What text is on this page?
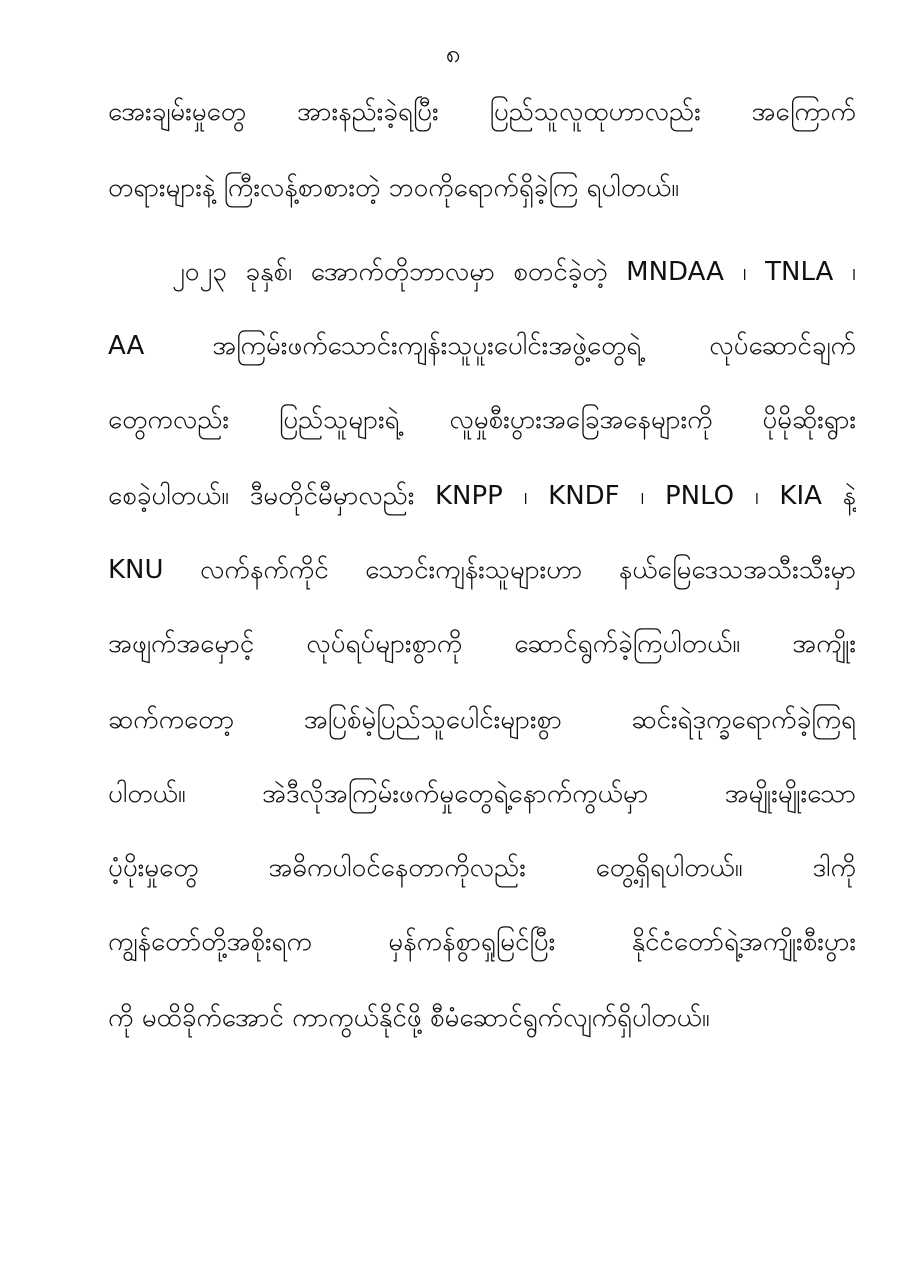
၈
အေးချမ်းမှုတွေ အားနည်းခဲ့ရပြီး ပြည်သူလူထုဟာလည်း အကြောက်
တရားများနဲ့ ကြီးလန့်စာစားတဲ့ ဘဝကိုရောက်ရှိခဲ့ကြ ရပါတယ်။
၂၀၂၃ ခုနှစ်၊ အောက်တိုဘာလမှာ စတင်ခဲ့တဲ့ MNDAA ၊ TNLA ၊
AA အကြမ်းဖက်သောင်းကျန်းသူပူးပေါင်းအဖွဲ့တွေရဲ့ လုပ်ဆောင်ချက်
တွေကလည်း ပြည်သူများရဲ့ လူမှုစီးပွားအခြေအနေများကို ပိုမိုဆိုးရွား
စေခဲ့ပါတယ်။ ဒီမတိုင်မီမှာလည်း KNPP ၊ KNDF ၊ PNLO ၊ KIA နဲ့
KNU လက်နက်ကိုင် သောင်းကျန်းသူများဟာ နယ်မြေဒေသအသီးသီးမှာ
အဖျက်အမှောင့် လုပ်ရပ်များစွာကို ဆောင်ရွက်ခဲ့ကြပါတယ်။ အကျိုး
ဆက်ကတော့ အပြစ်မဲ့ပြည်သူပေါင်းများစွာ ဆင်းရဲဒုက္ခရောက်ခဲ့ကြရ
ပါတယ်။ အဲဒီလိုအကြမ်းဖက်မှုတွေရဲ့နောက်ကွယ်မှာ အမျိုးမျိုးသော
ပံ့ပိုးမှုတွေ အဓိကပါဝင်နေတာကိုလည်း တွေ့ရှိရပါတယ်။ ဒါကို
ကျွန်တော်တို့အစိုးရက မှန်ကန်စွာရှုမြင်ပြီး နိုင်ငံတော်ရဲ့အကျိုးစီးပွား
ကို မထိခိုက်အောင် ကာကွယ်နိုင်ဖို့ စီမံဆောင်ရွက်လျက်ရှိပါတယ်။
